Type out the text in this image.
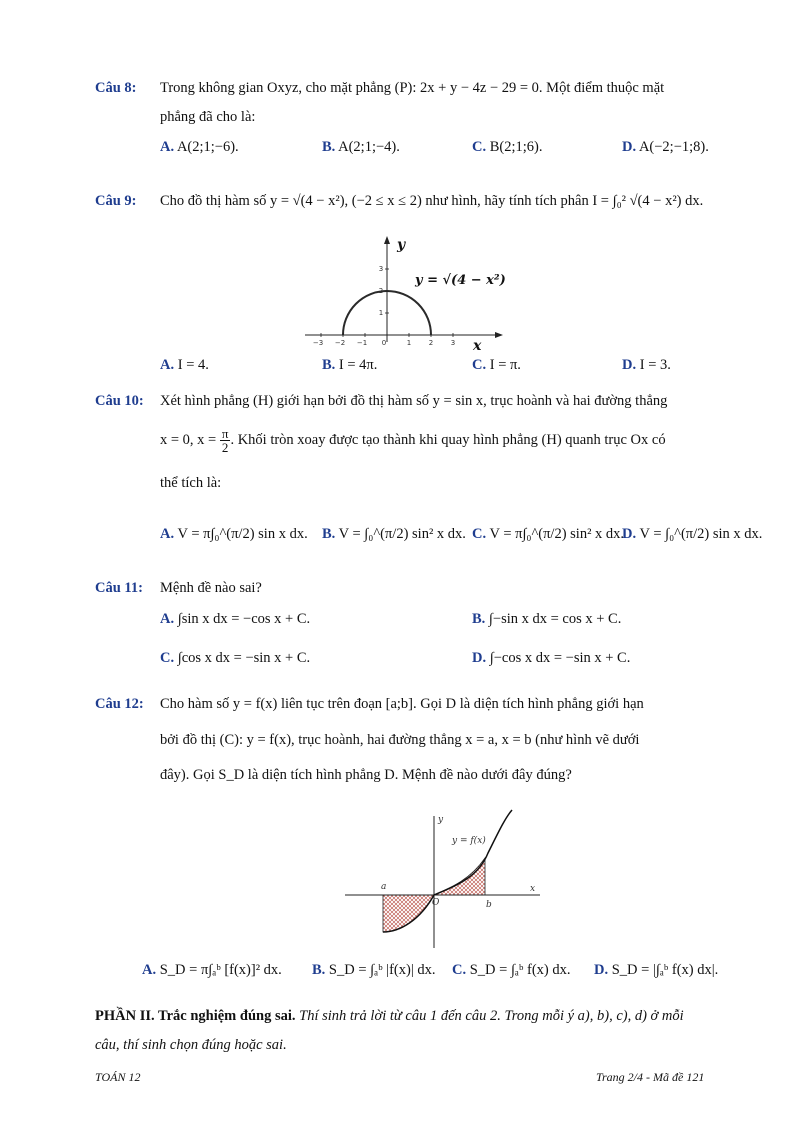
Câu 8: Trong không gian Oxyz, cho mặt phẳng (P): 2x + y − 4z − 29 = 0. Một điểm thuộc mặt
phẳng đã cho là:
A. A(2;1;−6).	B. A(2;1;−4).	C. B(2;1;6).	D. A(−2;−1;8).
Câu 9: Cho đồ thị hàm số y = √(4 − x²), (−2 ≤ x ≤ 2) như hình, hãy tính tích phân I = ∫₀² √(4 − x²) dx.
−3 −2 −1 0	1	2	3
1
2
3
y
x
y = √(4 − x²)
A. I = 4.	B. I = 4π.	C. I = π.	D. I = 3.
Câu 10: Xét hình phẳng (H) giới hạn bởi đồ thị hàm số y = sin x, trục hoành và hai đường thẳng
x = 0, $x = \frac{\pi}{2}$ . Khối tròn xoay được tạo thành khi quay hình phẳng (H) quanh trục Ox có
thể tích là:
A. V = π∫₀^(π/2) sin x dx. B. V = ∫₀^(π/2) sin² x dx. C. V = π∫₀^(π/2) sin² x dx.
D. V = ∫₀^(π/2) sin x dx.
Câu 11: Mệnh đề nào sai?
A. ∫sin x dx = −cos x + C.	B. ∫−sin x dx = cos x + C.
C. ∫cos x dx = −sin x + C.	D. ∫−cos x dx = −sin x + C.
Câu 12: Cho hàm số y = f(x) liên tục trên đoạn [a;b]. Gọi D là diện tích hình phẳng giới hạn
bởi đồ thị (C): y = f(x), trục hoành, hai đường thẳng x = a, x = b (như hình vẽ dưới
đây). Gọi S_D là diện tích hình phẳng D. Mệnh đề nào dưới đây đúng?
y
x
a
b
O
y = f(x)
A. S_D = π∫ₐᵇ [f(x)]² dx. B. S_D = ∫ₐᵇ |f(x)| dx. C. S_D = ∫ₐᵇ f(x) dx. D. S_D = |∫ₐᵇ f(x) dx|.
PHẦN II. Trắc nghiệm đúng sai. Thí sinh trả lời từ câu 1 đến câu 2. Trong mỗi ý a), b), c), d) ở mỗi
câu, thí sinh chọn đúng hoặc sai.
TOÁN 12	Trang 2/4 - Mã đề 121
